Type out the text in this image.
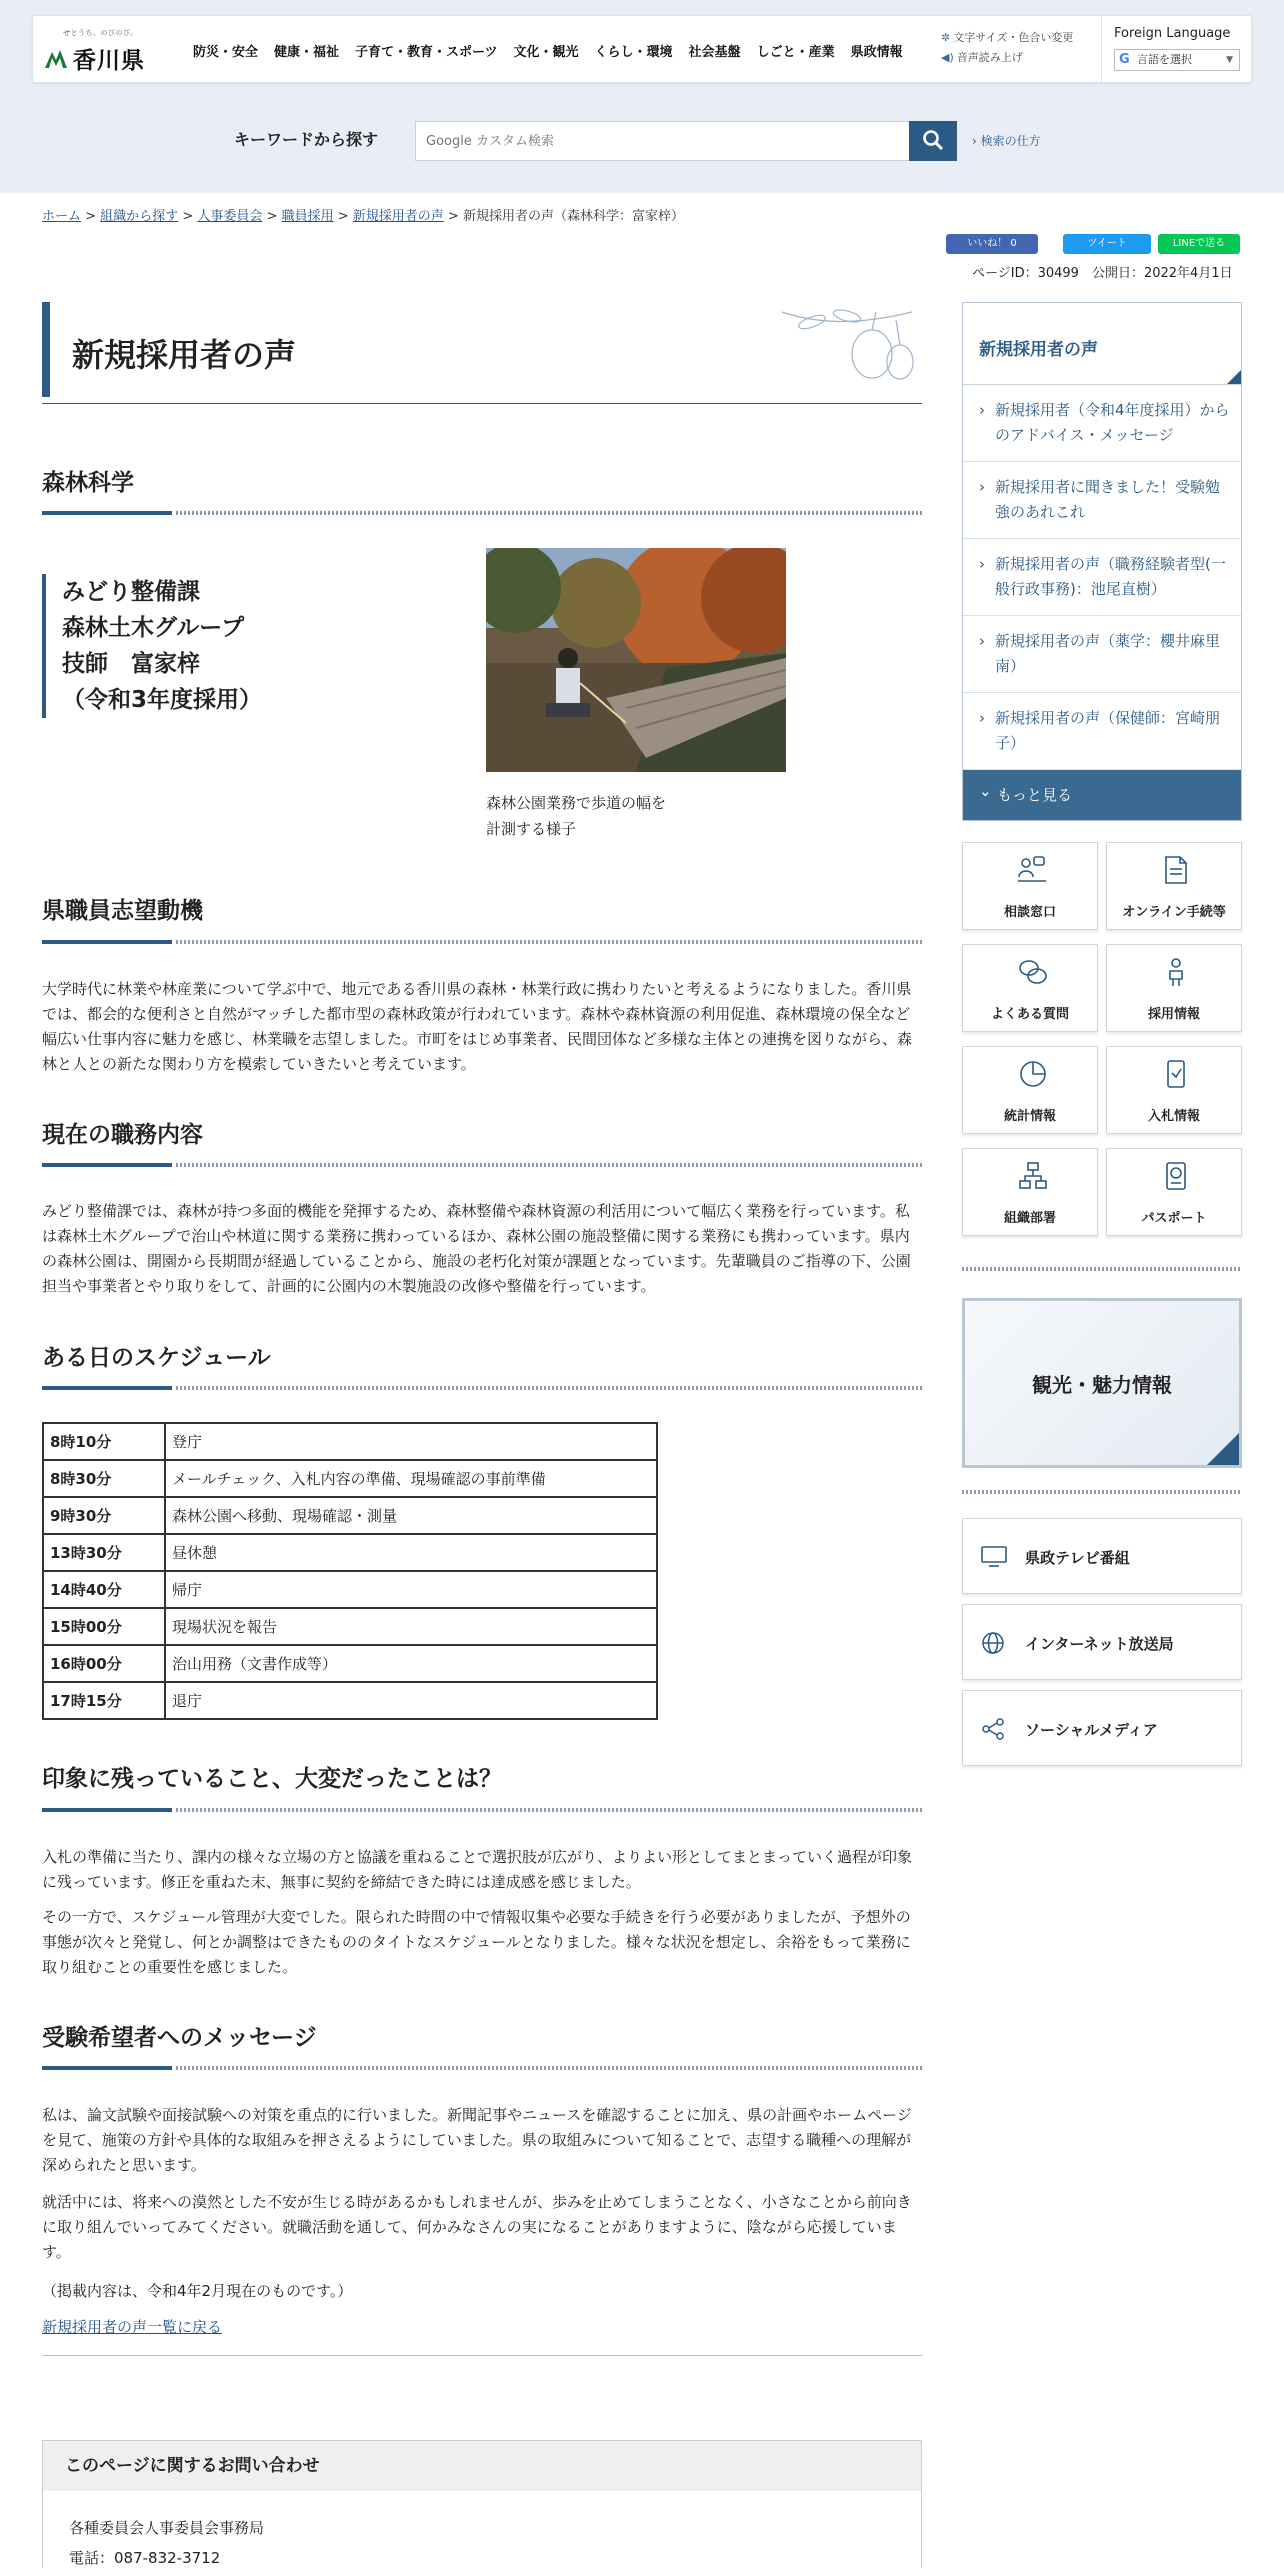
せとうち、のびのび。
香川県	防災・安全 健康・福祉 子育て・教育・スポーツ 文化・観光 くらし・環境 社会基盤 しごと・産業 県政情報
✲ 文字サイズ・色合い変更
◀) 音声読み上げ
Foreign Language
G 言語を選択	▼
キーワードから探す
Google カスタム検索	› 検索の仕方
ホーム > 組織から探す > 人事委員会 > 職員採用 > 新規採用者の声 > 新規採用者の声（森林科学：富家梓）
いいね！ 0	ツイート	LINEで送る
ページID：30499　 公開日：2022年4月1日
新規採用者の声
森林科学
みどり整備課
森林土木グループ
技師　富家梓
（令和3年度採用）
森林公園業務で歩道の幅を
計測する様子
県職員志望動機

大学時代に林業や林産業について学ぶ中で、地元である香川県の森林・林業行政に携わりたいと考えるようになりました。香川県では、都会的な便利さと自然がマッチした都市型の森林政策が行われています。森林や森林資源の利用促進、森林環境の保全など幅広い仕事内容に魅力を感じ、林業職を志望しました。市町をはじめ事業者、民間団体など多様な主体との連携を図りながら、森林と人との新たな関わり方を模索していきたいと考えています。

現在の職務内容

みどり整備課では、森林が持つ多面的機能を発揮するため、森林整備や森林資源の利活用について幅広く業務を行っています。私は森林土木グループで治山や林道に関する業務に携わっているほか、森林公園の施設整備に関する業務にも携わっています。県内の森林公園は、開園から長期間が経過していることから、施設の老朽化対策が課題となっています。先輩職員のご指導の下、公園担当や事業者とやり取りをして、計画的に公園内の木製施設の改修や整備を行っています。

ある日のスケジュール
8時10分	登庁
8時30分	メールチェック、入札内容の準備、現場確認の事前準備
9時30分	森林公園へ移動、現場確認・測量
13時30分	昼休憩
14時40分	帰庁
15時00分	現場状況を報告
16時00分	治山用務（文書作成等）
17時15分	退庁
印象に残っていること、大変だったことは？

入札の準備に当たり、課内の様々な立場の方と協議を重ねることで選択肢が広がり、よりよい形としてまとまっていく過程が印象に残っています。修正を重ねた末、無事に契約を締結できた時には達成感を感じました。

その一方で、スケジュール管理が大変でした。限られた時間の中で情報収集や必要な手続きを行う必要がありましたが、予想外の事態が次々と発覚し、何とか調整はできたもののタイトなスケジュールとなりました。様々な状況を想定し、余裕をもって業務に取り組むことの重要性を感じました。

受験希望者へのメッセージ

私は、論文試験や面接試験への対策を重点的に行いました。新聞記事やニュースを確認することに加え、県の計画やホームページを見て、施策の方針や具体的な取組みを押さえるようにしていました。県の取組みについて知ることで、志望する職種への理解が深められたと思います。

就活中には、将来への漠然とした不安が生じる時があるかもしれませんが、歩みを止めてしまうことなく、小さなことから前向きに取り組んでいってみてください。就職活動を通して、何かみなさんの実になることがありますように、陰ながら応援しています。

（掲載内容は、令和4年2月現在のものです。）

新規採用者の声一覧に戻る
このページに関するお問い合わせ
各種委員会人事委員会事務局
電話：087-832-3712
新規採用者の声
› 新規採用者（令和4年度採用）からのアドバイス・メッセージ
› 新規採用者に聞きました！受験勉強のあれこれ
› 新規採用者の声（職務経験者型(一般行政事務)：池尾直樹）
› 新規採用者の声（薬学：櫻井麻里南）
› 新規採用者の声（保健師：宮崎朋子）
⌄ もっと見る
相談窓口	オンライン手続等
よくある質問	採用情報
統計情報	入札情報
組織部署	パスポート
観光・魅力情報
県政テレビ番組
インターネット放送局
ソーシャルメディア
